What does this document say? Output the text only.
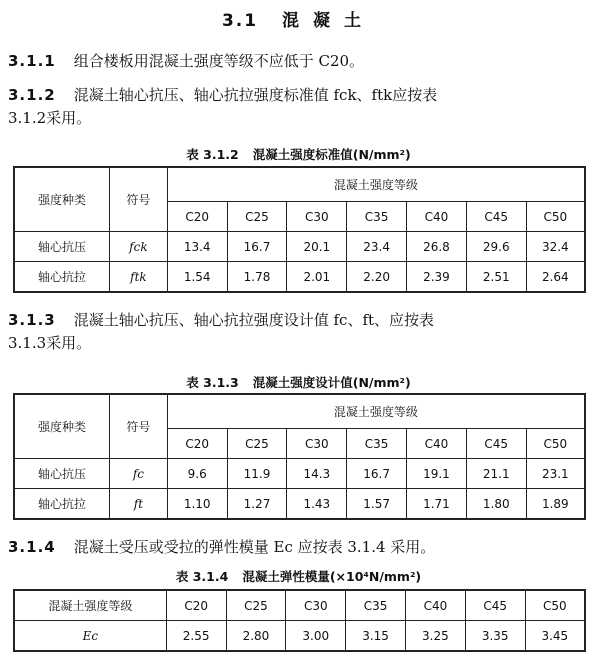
3.1 混凝土
3.1.1 组合楼板用混凝土强度等级不应低于 C20。
3.1.2 混凝土轴心抗压、轴心抗拉强度标准值 fck、ftk应按表
3.1.2采用。
表 3.1.2 混凝土强度标准值(N/mm²)
强度种类	符号	混凝土强度等级						
		C20	C25	C30	C35	C40	C45	C50
轴心抗压	fck	13.4	16.7	20.1	23.4	26.8	29.6	32.4
轴心抗拉	ftk	1.54	1.78	2.01	2.20	2.39	2.51	2.64
3.1.3 混凝土轴心抗压、轴心抗拉强度设计值 fc、ft、应按表
3.1.3采用。
表 3.1.3 混凝土强度设计值(N/mm²)
强度种类	符号	混凝土强度等级						
		C20	C25	C30	C35	C40	C45	C50
轴心抗压	fc	9.6	11.9	14.3	16.7	19.1	21.1	23.1
轴心抗拉	ft	1.10	1.27	1.43	1.57	1.71	1.80	1.89
3.1.4 混凝土受压或受拉的弹性模量 Ec 应按表 3.1.4 采用。
表 3.1.4 混凝土弹性模量(×10⁴N/mm²)
混凝土强度等级	C20	C25	C30	C35	C40	C45	C50
Ec	2.55	2.80	3.00	3.15	3.25	3.35	3.45
